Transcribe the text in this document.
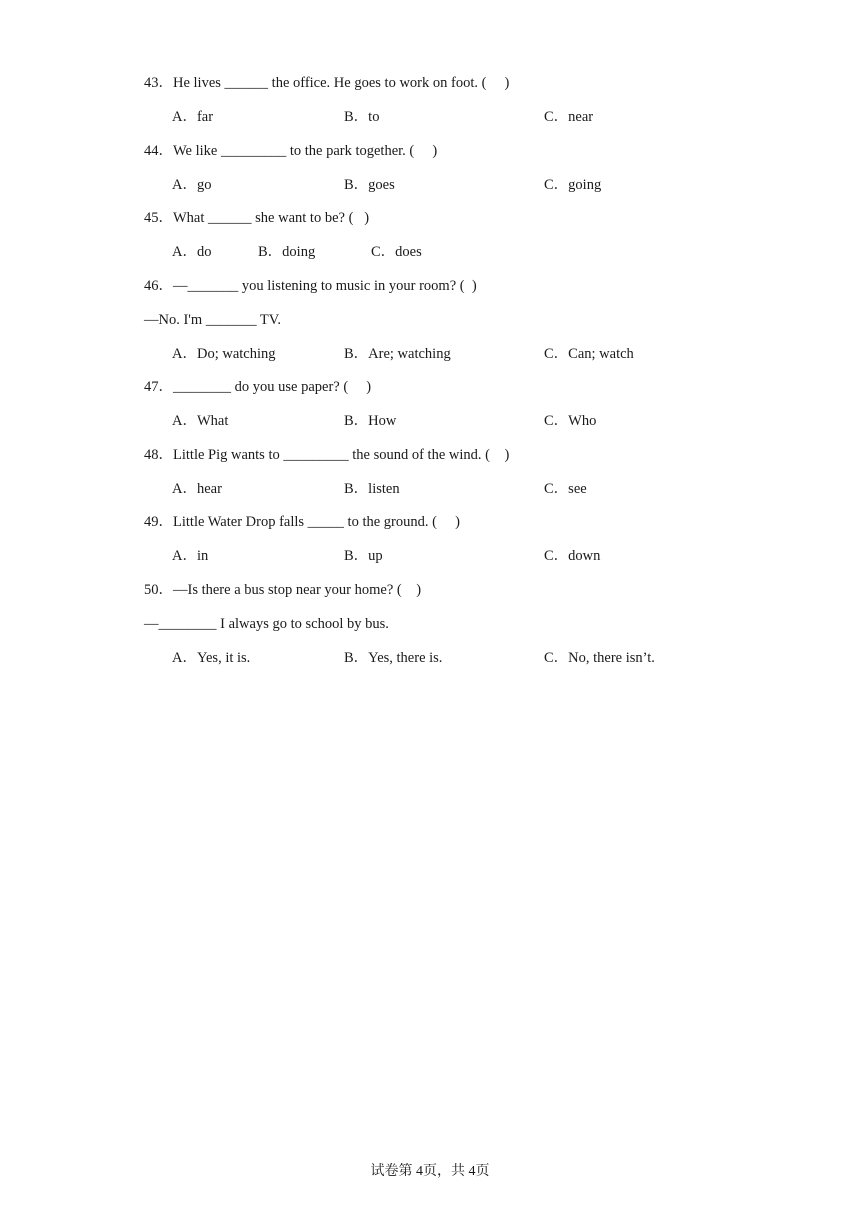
43．He lives ______ the office. He goes to work on foot. (     )
A．far	B．to	C．near
44．We like _________ to the park together. (     )
A．go	B．goes	C．going
45．What ______ she want to be? (   )
A．do	B．doing	C．does
46．—_______ you listening to music in your room? (  )
—No. I'm _______ TV.
A．Do; watching	B．Are; watching	C．Can; watch
47．________ do you use paper? (     )
A．What	B．How	C．Who
48．Little Pig wants to _________ the sound of the wind. (    )
A．hear	B．listen	C．see
49．Little Water Drop falls _____ to the ground. (     )
A．in	B．up	C．down
50．—Is there a bus stop near your home? (    )
—________ I always go to school by bus.
A．Yes, it is.	B．Yes, there is.	C．No, there isn’t.
试卷第 4页，共 4页
